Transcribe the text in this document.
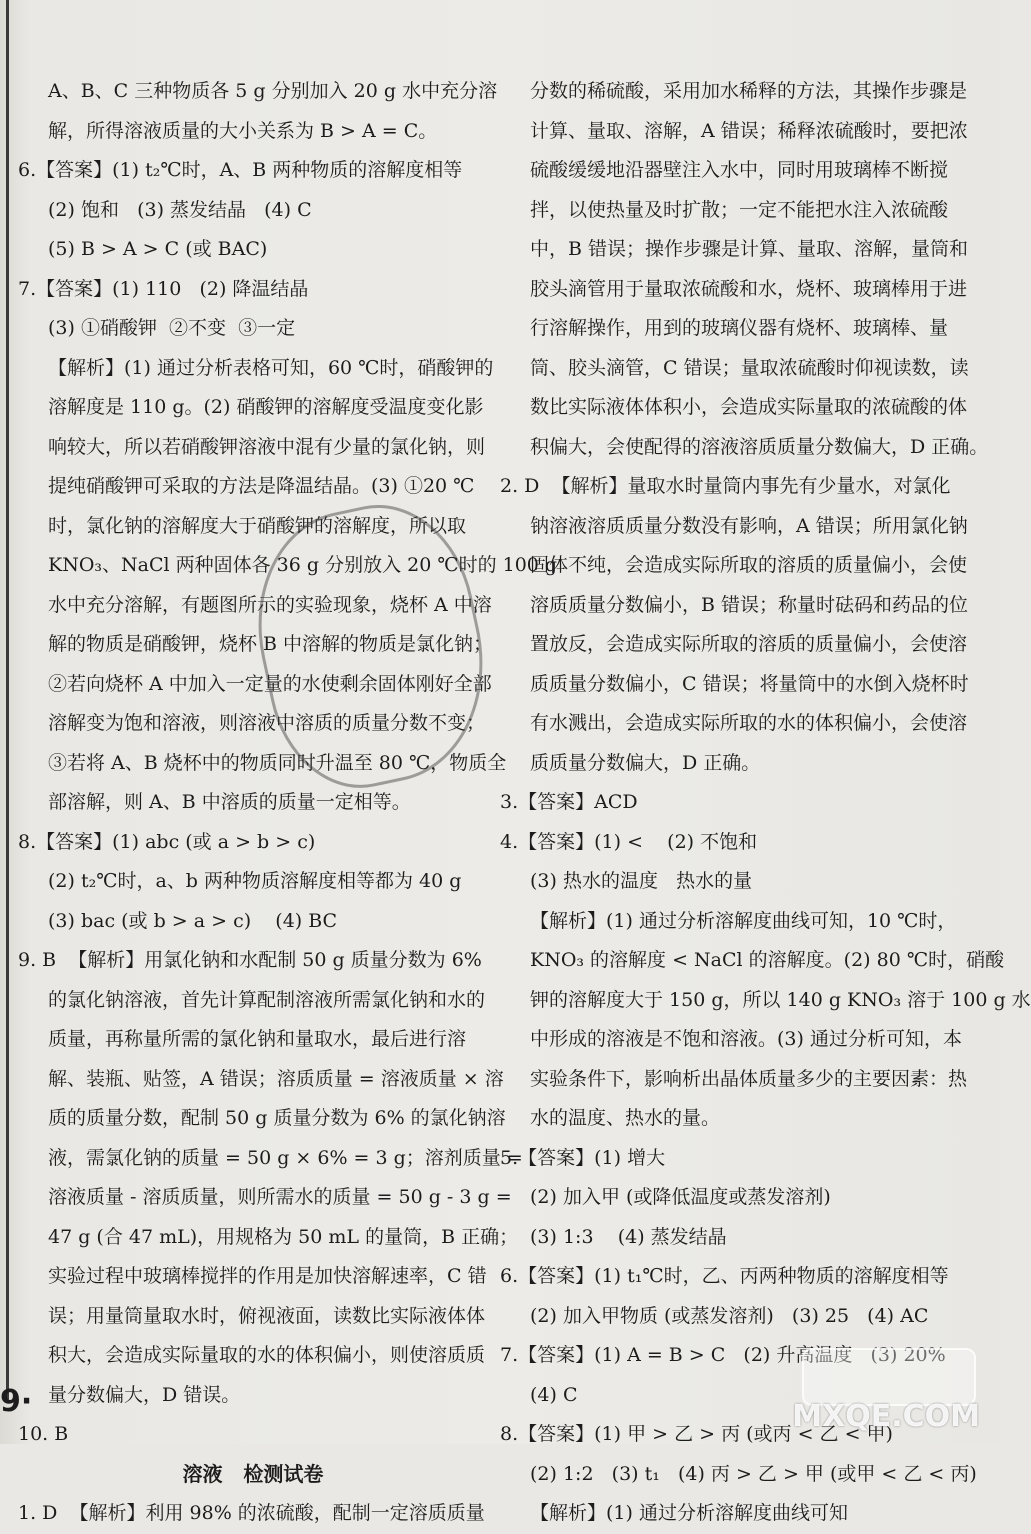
A、B、C 三种物质各 5 g 分别加入 20 g 水中充分溶
解，所得溶液质量的大小关系为 B > A = C。
6.【答案】(1) t₂℃时，A、B 两种物质的溶解度相等
(2) 饱和   (3) 蒸发结晶   (4) C
(5) B > A > C (或 BAC)
7.【答案】(1) 110   (2) 降温结晶
(3) ①硝酸钾  ②不变  ③一定
【解析】(1) 通过分析表格可知，60 ℃时，硝酸钾的
溶解度是 110 g。(2) 硝酸钾的溶解度受温度变化影
响较大，所以若硝酸钾溶液中混有少量的氯化钠，则
提纯硝酸钾可采取的方法是降温结晶。(3) ①20 ℃
时，氯化钠的溶解度大于硝酸钾的溶解度，所以取
KNO₃、NaCl 两种固体各 36 g 分别放入 20 ℃时的 100 g
水中充分溶解，有题图所示的实验现象，烧杯 A 中溶
解的物质是硝酸钾，烧杯 B 中溶解的物质是氯化钠；
②若向烧杯 A 中加入一定量的水使剩余固体刚好全部
溶解变为饱和溶液，则溶液中溶质的质量分数不变；
③若将 A、B 烧杯中的物质同时升温至 80 ℃，物质全
部溶解，则 A、B 中溶质的质量一定相等。
8.【答案】(1) abc (或 a > b > c)
(2) t₂℃时，a、b 两种物质溶解度相等都为 40 g
(3) bac (或 b > a > c)    (4) BC
9. B  【解析】用氯化钠和水配制 50 g 质量分数为 6%
的氯化钠溶液，首先计算配制溶液所需氯化钠和水的
质量，再称量所需的氯化钠和量取水，最后进行溶
解、装瓶、贴签，A 错误；溶质质量 = 溶液质量 × 溶
质的质量分数，配制 50 g 质量分数为 6% 的氯化钠溶
液，需氯化钠的质量 = 50 g × 6% = 3 g；溶剂质量 =
溶液质量 - 溶质质量，则所需水的质量 = 50 g - 3 g =
47 g (合 47 mL)，用规格为 50 mL 的量筒，B 正确；
实验过程中玻璃棒搅拌的作用是加快溶解速率，C 错
误；用量筒量取水时，俯视液面，读数比实际液体体
积大，会造成实际量取的水的体积偏小，则使溶质质
量分数偏大，D 错误。
10. B
溶液   检测试卷
1. D  【解析】利用 98% 的浓硫酸，配制一定溶质质量
分数的稀硫酸，采用加水稀释的方法，其操作步骤是
计算、量取、溶解，A 错误；稀释浓硫酸时，要把浓
硫酸缓缓地沿器壁注入水中，同时用玻璃棒不断搅
拌，以使热量及时扩散；一定不能把水注入浓硫酸
中，B 错误；操作步骤是计算、量取、溶解，量筒和
胶头滴管用于量取浓硫酸和水，烧杯、玻璃棒用于进
行溶解操作，用到的玻璃仪器有烧杯、玻璃棒、量
筒、胶头滴管，C 错误；量取浓硫酸时仰视读数，读
数比实际液体体积小，会造成实际量取的浓硫酸的体
积偏大，会使配得的溶液溶质质量分数偏大，D 正确。
2. D  【解析】量取水时量筒内事先有少量水，对氯化
钠溶液溶质质量分数没有影响，A 错误；所用氯化钠
固体不纯，会造成实际所取的溶质的质量偏小，会使
溶质质量分数偏小，B 错误；称量时砝码和药品的位
置放反，会造成实际所取的溶质的质量偏小，会使溶
质质量分数偏小，C 错误；将量筒中的水倒入烧杯时
有水溅出，会造成实际所取的水的体积偏小，会使溶
质质量分数偏大，D 正确。
3.【答案】ACD
4.【答案】(1) <    (2) 不饱和
(3) 热水的温度   热水的量
【解析】(1) 通过分析溶解度曲线可知，10 ℃时，
KNO₃ 的溶解度 < NaCl 的溶解度。(2) 80 ℃时，硝酸
钾的溶解度大于 150 g，所以 140 g KNO₃ 溶于 100 g 水
中形成的溶液是不饱和溶液。(3) 通过分析可知，本
实验条件下，影响析出晶体质量多少的主要因素：热
水的温度、热水的量。
5.【答案】(1) 增大
(2) 加入甲 (或降低温度或蒸发溶剂)
(3) 1:3    (4) 蒸发结晶
6.【答案】(1) t₁℃时，乙、丙两种物质的溶解度相等
(2) 加入甲物质 (或蒸发溶剂)   (3) 25   (4) AC
7.【答案】(1) A = B > C   (2) 升高温度   (3) 20%
(4) C
8.【答案】(1) 甲 > 乙 > 丙 (或丙 < 乙 < 甲)
(2) 1:2   (3) t₁   (4) 丙 > 乙 > 甲 (或甲 < 乙 < 丙)
【解析】(1) 通过分析溶解度曲线可知
9·	MXQE.COM
